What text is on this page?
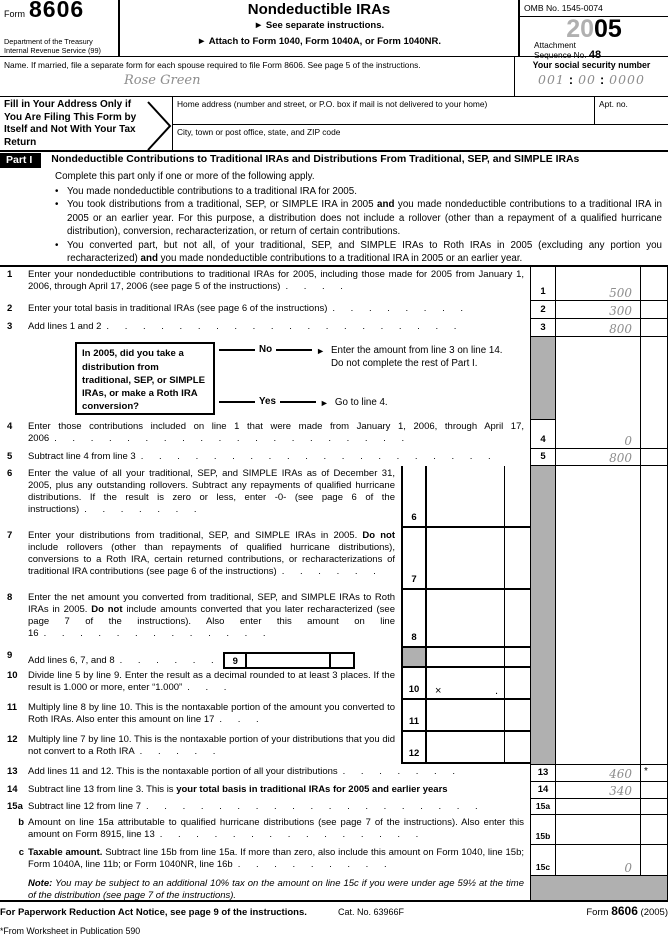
Form 8606
Department of the Treasury
Internal Revenue Service (99)
Nondeductible IRAs
► See separate instructions.
► Attach to Form 1040, Form 1040A, or Form 1040NR.
OMB No. 1545-0074
2005
Attachment
Sequence No. 48
Name. If married, file a separate form for each spouse required to file Form 8606. See page 5 of the instructions.
Rose Green
Your social security number
001 : 00 : 0000
Fill in Your Address Only if You Are Filing This Form by Itself and Not With Your Tax Return
Home address (number and street, or P.O. box if mail is not delivered to your home)	Apt. no.
City, town or post office, state, and ZIP code
Part I	Nondeductible Contributions to Traditional IRAs and Distributions From Traditional, SEP, and SIMPLE IRAs
Complete this part only if one or more of the following apply.
• You made nondeductible contributions to a traditional IRA for 2005.
• You took distributions from a traditional, SEP, or SIMPLE IRA in 2005 and you made nondeductible contributions to a traditional IRA in 2005 or an earlier year. For this purpose, a distribution does not include a rollover (other than a repayment of a qualified hurricane distribution), conversion, recharacterization, or return of certain contributions.
• You converted part, but not all, of your traditional, SEP, and SIMPLE IRAs to Roth IRAs in 2005 (excluding any portion you recharacterized) and you made nondeductible contributions to a traditional IRA in 2005 or an earlier year.
1	Enter your nondeductible contributions to traditional IRAs for 2005, including those made for 2005 from January 1, 2006, through April 17, 2006 (see page 5 of the instructions) . . . .	1	500
2	Enter your total basis in traditional IRAs (see page 6 of the instructions) . . . . . . . .	2	300
3	Add lines 1 and 2 . . . . . . . . . . . . . . . . . . . .	3	800
In 2005, did you take a distribution from traditional, SEP, or SIMPLE IRAs, or make a Roth IRA conversion?
No	► Enter the amount from line 3 on line 14. Do not complete the rest of Part I.
Yes	► Go to line 4.
4	Enter those contributions included on line 1 that were made from January 1, 2006, through April 17, 2006 . . . . . . . . . . . . . . . . . . . .	4	0
5	Subtract line 4 from line 3 . . . . . . . . . . . . . . . . . . . .	5	800
6	Enter the value of all your traditional, SEP, and SIMPLE IRAs as of December 31, 2005, plus any outstanding rollovers. Subtract any repayments of qualified hurricane distributions. If the result is zero or less, enter -0- (see page 6 of the instructions) . . . . . . .
6
7	Enter your distributions from traditional, SEP, and SIMPLE IRAs in 2005. Do not include rollovers (other than repayments of qualified hurricane distributions), conversions to a Roth IRA, certain returned contributions, or recharacterizations of traditional IRA contributions (see page 6 of the instructions) . . . . . .
7
8	Enter the net amount you converted from traditional, SEP, and SIMPLE IRAs to Roth IRAs in 2005. Do not include amounts converted that you later recharacterized (see page 7 of the instructions). Also enter this amount on line 16 . . . . . . . . . . . . .	8
9	Add lines 6, 7, and 8 . . . . . .	9
10	Divide line 5 by line 9. Enter the result as a decimal rounded to at least 3 places. If the result is 1.000 or more, enter “1.000” . . .	10	×	.
11	Multiply line 8 by line 10. This is the nontaxable portion of the amount you converted to Roth IRAs. Also enter this amount on line 17 . . .	11
12	Multiply line 7 by line 10. This is the nontaxable portion of your distributions that you did not convert to a Roth IRA . . . . .	12
13	Add lines 11 and 12. This is the nontaxable portion of all your distributions . . . . . . .	13	460	*
14	Subtract line 13 from line 3. This is your total basis in traditional IRAs for 2005 and earlier years	14	340
15a Subtract line 12 from line 7 . . . . . . . . . . . . . . . . . . .	15a
b Amount on line 15a attributable to qualified hurricane distributions (see page 7 of the instructions). Also enter this amount on Form 8915, line 13 . . . . . . . . . . . . . . .	15b
c Taxable amount. Subtract line 15b from line 15a. If more than zero, also include this amount on Form 1040, line 15b; Form 1040A, line 11b; or Form 1040NR, line 16b . . . . . . . . .	15c	0
Note: You may be subject to an additional 10% tax on the amount on line 15c if you were under age 59½ at the time of the distribution (see page 7 of the instructions).
For Paperwork Reduction Act Notice, see page 9 of the instructions.	Cat. No. 63966F	Form 8606 (2005)
*From Worksheet in Publication 590
